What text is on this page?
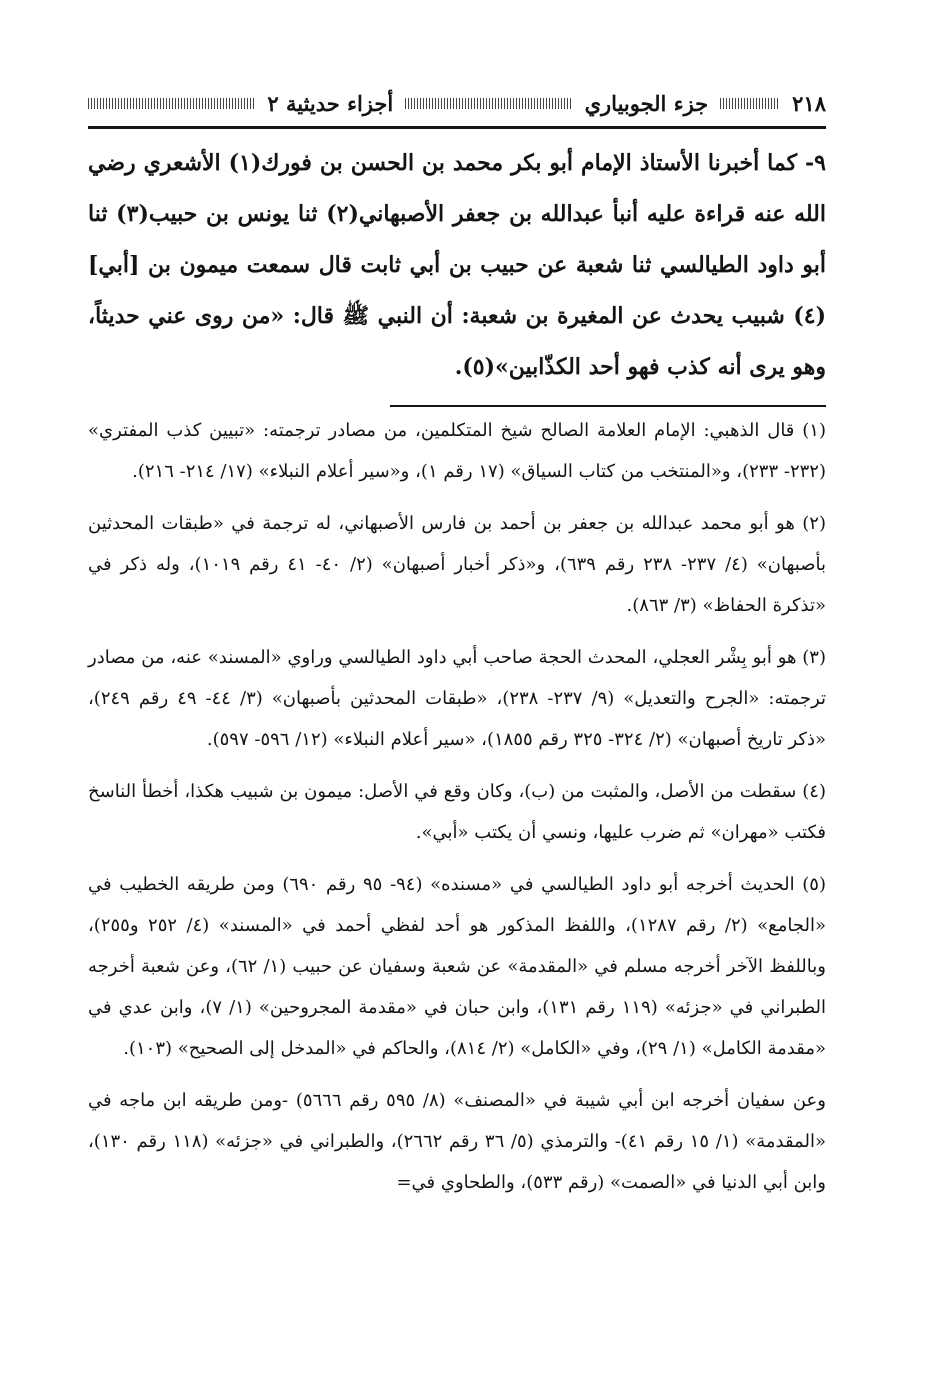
٢١٨
جزء الجوبياري
أجزاء حديثية ٢

٩- كما أخبرنا الأستاذ الإمام أبو بكر محمد بن الحسن بن فورك(١) الأشعري رضي الله عنه قراءة عليه أنبأ عبدالله بن جعفر الأصبهاني(٢) ثنا يونس بن حبيب(٣) ثنا أبو داود الطيالسي ثنا شعبة عن حبيب بن أبي ثابت قال سمعت ميمون بن [أبي](٤) شبيب يحدث عن المغيرة بن شعبة: أن النبي ﷺ قال: «من روى عني حديثاً، وهو يرى أنه كذب فهو أحد الكذّابين»(٥).

(١) قال الذهبي: الإمام العلامة الصالح شيخ المتكلمين، من مصادر ترجمته: «تبيين كذب المفتري» (٢٣٢- ٢٣٣)، و«المنتخب من كتاب السياق» (١٧ رقم ١)، و«سير أعلام النبلاء» (١٧/ ٢١٤- ٢١٦).

(٢) هو أبو محمد عبدالله بن جعفر بن أحمد بن فارس الأصبهاني، له ترجمة في «طبقات المحدثين بأصبهان» (٤/ ٢٣٧- ٢٣٨ رقم ٦٣٩)، و«ذكر أخبار أصبهان» (٢/ ٤٠- ٤١ رقم ١٠١٩)، وله ذكر في «تذكرة الحفاظ» (٣/ ٨٦٣).

(٣) هو أبو بِشْر العجلي، المحدث الحجة صاحب أبي داود الطيالسي وراوي «المسند» عنه، من مصادر ترجمته: «الجرح والتعديل» (٩/ ٢٣٧- ٢٣٨)، «طبقات المحدثين بأصبهان» (٣/ ٤٤- ٤٩ رقم ٢٤٩)، «ذكر تاريخ أصبهان» (٢/ ٣٢٤- ٣٢٥ رقم ١٨٥٥)، «سير أعلام النبلاء» (١٢/ ٥٩٦- ٥٩٧).

(٤) سقطت من الأصل، والمثبت من (ب)، وكان وقع في الأصل: ميمون بن شبيب هكذا، أخطأ الناسخ فكتب «مهران» ثم ضرب عليها، ونسي أن يكتب «أبي».

(٥) الحديث أخرجه أبو داود الطيالسي في «مسنده» (٩٤- ٩٥ رقم ٦٩٠) ومن طريقه الخطيب في «الجامع» (٢/ رقم ١٢٨٧)، واللفظ المذكور هو أحد لفظي أحمد في «المسند» (٤/ ٢٥٢ و٢٥٥)، وباللفظ الآخر أخرجه مسلم في «المقدمة» عن شعبة وسفيان عن حبيب (١/ ٦٢)، وعن شعبة أخرجه الطبراني في «جزئه» (١١٩ رقم ١٣١)، وابن حبان في «مقدمة المجروحين» (١/ ٧)، وابن عدي في «مقدمة الكامل» (١/ ٢٩)، وفي «الكامل» (٢/ ٨١٤)، والحاكم في «المدخل إلى الصحيح» (١٠٣).

وعن سفيان أخرجه ابن أبي شيبة في «المصنف» (٨/ ٥٩٥ رقم ٥٦٦٦) -ومن طريقه ابن ماجه في «المقدمة» (١/ ١٥ رقم ٤١)- والترمذي (٥/ ٣٦ رقم ٢٦٦٢)، والطبراني في «جزئه» (١١٨ رقم ١٣٠)، وابن أبي الدنيا في «الصمت» (رقم ٥٣٣)، والطحاوي في=
